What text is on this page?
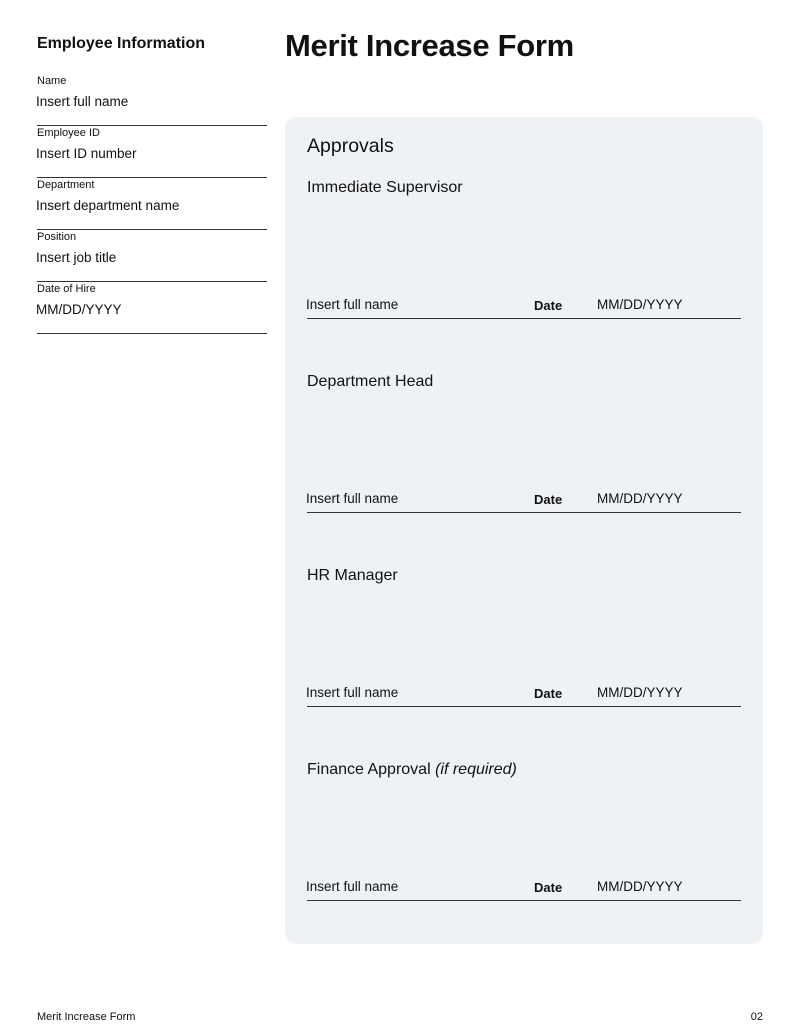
Employee Information
Name
Insert full name
Employee ID
Insert ID number
Department
Insert department name
Position
Insert job title
Date of Hire
MM/DD/YYYY
Merit Increase Form
Approvals
Immediate Supervisor
Insert full name	Date	MM/DD/YYYY
Department Head
Insert full name	Date	MM/DD/YYYY
HR Manager
Insert full name	Date	MM/DD/YYYY
Finance Approval (if required)
Insert full name	Date	MM/DD/YYYY
Merit Increase Form	02
